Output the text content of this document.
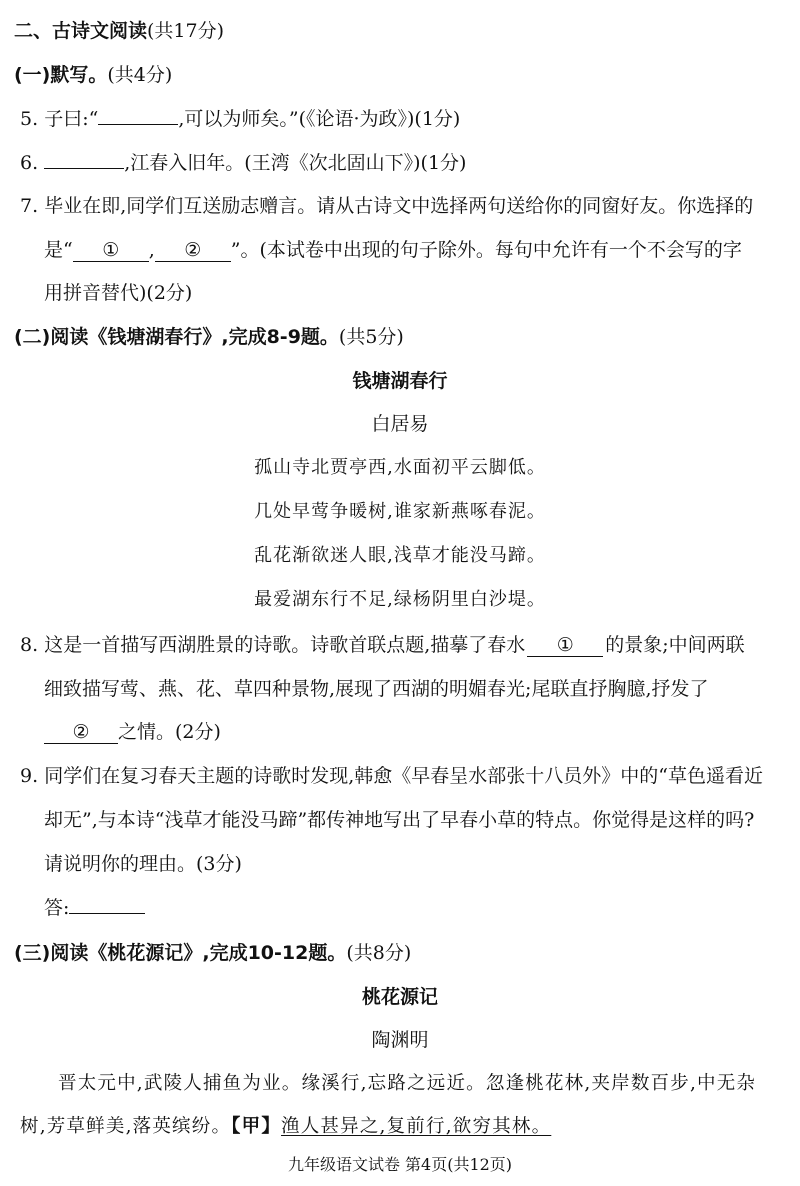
二、古诗文阅读(共17分)
(一)默写。(共4分)
5. 子曰:“	,可以为师矣。”(《论语·为政》)(1分)
6.	,江春入旧年。(王湾《次北固山下》)(1分)
7. 毕业在即,同学们互送励志赠言。请从古诗文中选择两句送给你的同窗好友。你选择的
是“ ① , ② ”。(本试卷中出现的句子除外。每句中允许有一个不会写的字
用拼音替代)(2分)
(二)阅读《钱塘湖春行》,完成8-9题。(共5分)
钱塘湖春行
白居易
孤山寺北贾亭西,水面初平云脚低。
几处早莺争暖树,谁家新燕啄春泥。
乱花渐欲迷人眼,浅草才能没马蹄。
最爱湖东行不足,绿杨阴里白沙堤。
8. 这是一首描写西湖胜景的诗歌。诗歌首联点题,描摹了春水 ① 的景象;中间两联
细致描写莺、燕、花、草四种景物,展现了西湖的明媚春光;尾联直抒胸臆,抒发了
② 之情。(2分)
9. 同学们在复习春天主题的诗歌时发现,韩愈《早春呈水部张十八员外》中的“草色遥看近
却无”,与本诗“浅草才能没马蹄”都传神地写出了早春小草的特点。你觉得是这样的吗?
请说明你的理由。(3分)
答:
(三)阅读《桃花源记》,完成10-12题。(共8分)
桃花源记
陶渊明
晋太元中,武陵人捕鱼为业。缘溪行,忘路之远近。忽逢桃花林,夹岸数百步,中无杂
树,芳草鲜美,落英缤纷。【甲】渔人甚异之,复前行,欲穷其林。
九年级语文试卷 第4页(共12页)
